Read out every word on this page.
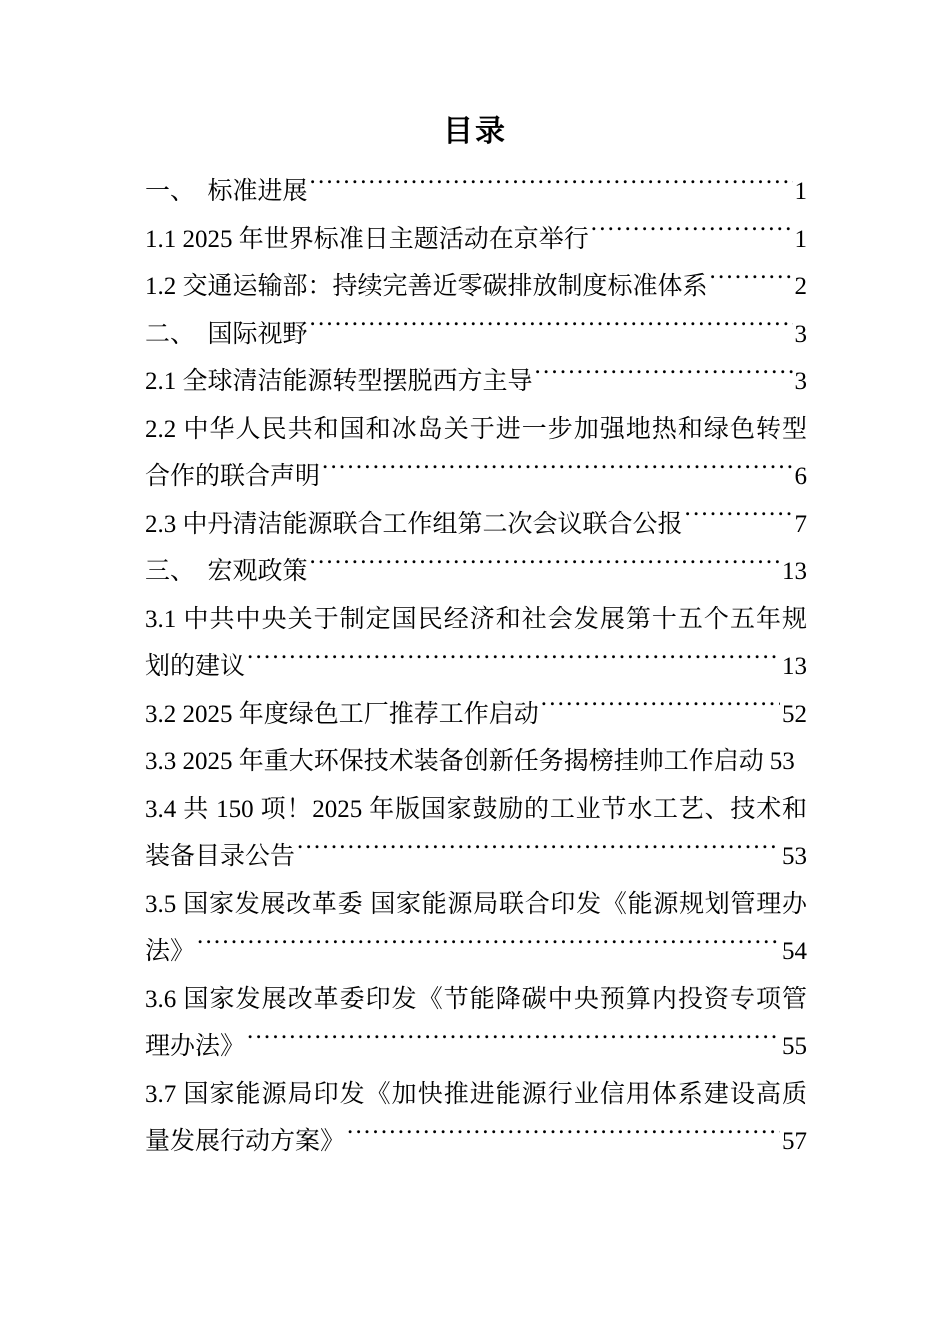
目录
一、　标准进展 .....	1
1.1 2025 年世界标准日主题活动在京举行 .....	1
1.2 交通运输部：持续完善近零碳排放制度标准体系 .....	2
二、　国际视野 .....	3
2.1 全球清洁能源转型摆脱西方主导 .....	3
2.2 中华人民共和国和冰岛关于进一步加强地热和绿色转型
合作的联合声明 .....	6
2.3 中丹清洁能源联合工作组第二次会议联合公报 .....	7
三、　宏观政策 .....	13
3.1 中共中央关于制定国民经济和社会发展第十五个五年规
划的建议 .....	13
3.2 2025 年度绿色工厂推荐工作启动 .....	52
3.3 2025 年重大环保技术装备创新任务揭榜挂帅工作启动 53
3.4 共 150 项！2025 年版国家鼓励的工业节水工艺、技术和
装备目录公告 .....	53
3.5 国家发展改革委 国家能源局联合印发《能源规划管理办
法》 .....	54
3.6 国家发展改革委印发《节能降碳中央预算内投资专项管
理办法》 .....	55
3.7 国家能源局印发《加快推进能源行业信用体系建设高质
量发展行动方案》 .....	57
